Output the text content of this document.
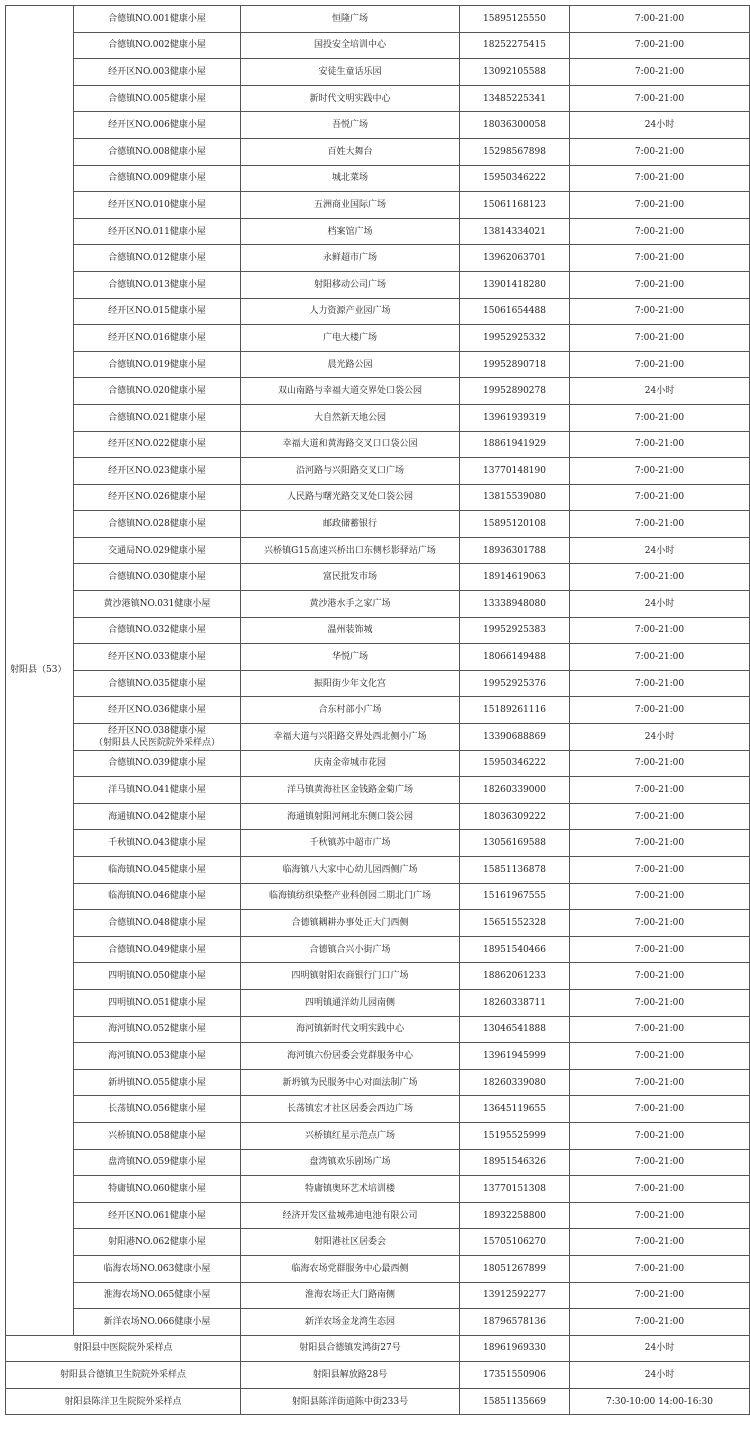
射阳县（53）	合德镇NO.001健康小屋	恒隆广场	15895125550	7:00-21:00
	合德镇NO.002健康小屋	国投安全培训中心	18252275415	7:00-21:00
	经开区NO.003健康小屋	安徒生童话乐园	13092105588	7:00-21:00
	合德镇NO.005健康小屋	新时代文明实践中心	13485225341	7:00-21:00
	经开区NO.006健康小屋	吾悦广场	18036300058	24小时
	合德镇NO.008健康小屋	百姓大舞台	15298567898	7:00-21:00
	合德镇NO.009健康小屋	城北菜场	15950346222	7:00-21:00
	经开区NO.010健康小屋	五洲商业国际广场	15061168123	7:00-21:00
	经开区NO.011健康小屋	档案馆广场	13814334021	7:00-21:00
	合德镇NO.012健康小屋	永鲜超市广场	13962063701	7:00-21:00
	合德镇NO.013健康小屋	射阳移动公司广场	13901418280	7:00-21:00
	经开区NO.015健康小屋	人力资源产业园广场	15061654488	7:00-21:00
	经开区NO.016健康小屋	广电大楼广场	19952925332	7:00-21:00
	合德镇NO.019健康小屋	晨光路公园	19952890718	7:00-21:00
	合德镇NO.020健康小屋	双山南路与幸福大道交界处口袋公园	19952890278	24小时
	合德镇NO.021健康小屋	大自然新天地公园	13961939319	7:00-21:00
	经开区NO.022健康小屋	幸福大道和黄海路交叉口口袋公园	18861941929	7:00-21:00
	经开区NO.023健康小屋	沿河路与兴阳路交叉口广场	13770148190	7:00-21:00
	经开区NO.026健康小屋	人民路与曙光路交叉处口袋公园	13815539080	7:00-21:00
	合德镇NO.028健康小屋	邮政储蓄银行	15895120108	7:00-21:00
	交通局NO.029健康小屋	兴桥镇G15高速兴桥出口东侧杉影驿站广场	18936301788	24小时
	合德镇NO.030健康小屋	富民批发市场	18914619063	7:00-21:00
	黄沙港镇NO.031健康小屋	黄沙港水手之家广场	13338948080	24小时
	合德镇NO.032健康小屋	温州装饰城	19952925383	7:00-21:00
	经开区NO.033健康小屋	华悦广场	18066149488	7:00-21:00
	合德镇NO.035健康小屋	振阳街少年文化宫	19952925376	7:00-21:00
	经开区NO.036健康小屋	合东村部小广场	15189261116	7:00-21:00

	经开区NO.038健康小屋
（射阳县人民医院院外采样点）	幸福大道与兴阳路交界处西北侧小广场	13390688869	24小时
	合德镇NO.039健康小屋	庆南金帝城市花园	15950346222	7:00-21:00
	洋马镇NO.041健康小屋	洋马镇黄海社区金钱路金菊广场	18260339000	7:00-21:00
	海通镇NO.042健康小屋	海通镇射阳河闸北东侧口袋公园	18036309222	7:00-21:00
	千秋镇NO.043健康小屋	千秋镇苏中超市广场	13056169588	7:00-21:00
	临海镇NO.045健康小屋	临海镇八大家中心幼儿园西侧广场	15851136878	7:00-21:00
	临海镇NO.046健康小屋	临海镇纺织染整产业科创园二期北门广场	15161967555	7:00-21:00
	合德镇NO.048健康小屋	合德镇耦耕办事处正大门西侧	15651552328	7:00-21:00
	合德镇NO.049健康小屋	合德镇合兴小街广场	18951540466	7:00-21:00
	四明镇NO.050健康小屋	四明镇射阳农商银行门口广场	18862061233	7:00-21:00
	四明镇NO.051健康小屋	四明镇通洋幼儿园南侧	18260338711	7:00-21:00
	海河镇NO.052健康小屋	海河镇新时代文明实践中心	13046541888	7:00-21:00
	海河镇NO.053健康小屋	海河镇六份居委会党群服务中心	13961945999	7:00-21:00
	新坍镇NO.055健康小屋	新坍镇为民服务中心对面法制广场	18260339080	7:00-21:00
	长荡镇NO.056健康小屋	长荡镇宏才社区居委会西边广场	13645119655	7:00-21:00
	兴桥镇NO.058健康小屋	兴桥镇红星示范点广场	15195525999	7:00-21:00
	盘湾镇NO.059健康小屋	盘湾镇欢乐剧场广场	18951546326	7:00-21:00
	特庸镇NO.060健康小屋	特庸镇奥环艺术培训楼	13770151308	7:00-21:00
	经开区NO.061健康小屋	经济开发区盐城弗迪电池有限公司	18932258800	7:00-21:00
	射阳港NO.062健康小屋	射阳港社区居委会	15705106270	7:00-21:00
	临海农场NO.063健康小屋	临海农场党群服务中心最西侧	18051267899	7:00-21:00
	淮海农场NO.065健康小屋	淮海农场正大门路南侧	13912592277	7:00-21:00
	新洋农场NO.066健康小屋	新洋农场金龙湾生态园	18796578136	7:00-21:00
射阳县中医院院外采样点		射阳县合德镇发鸿街27号	18961969330	24小时
射阳县合德镇卫生院院外采样点		射阳县解放路28号	17351550906	24小时
射阳县陈洋卫生院院外采样点		射阳县陈洋街道陈中街233号	15851135669	7:30-10:00 14:00-16:30
